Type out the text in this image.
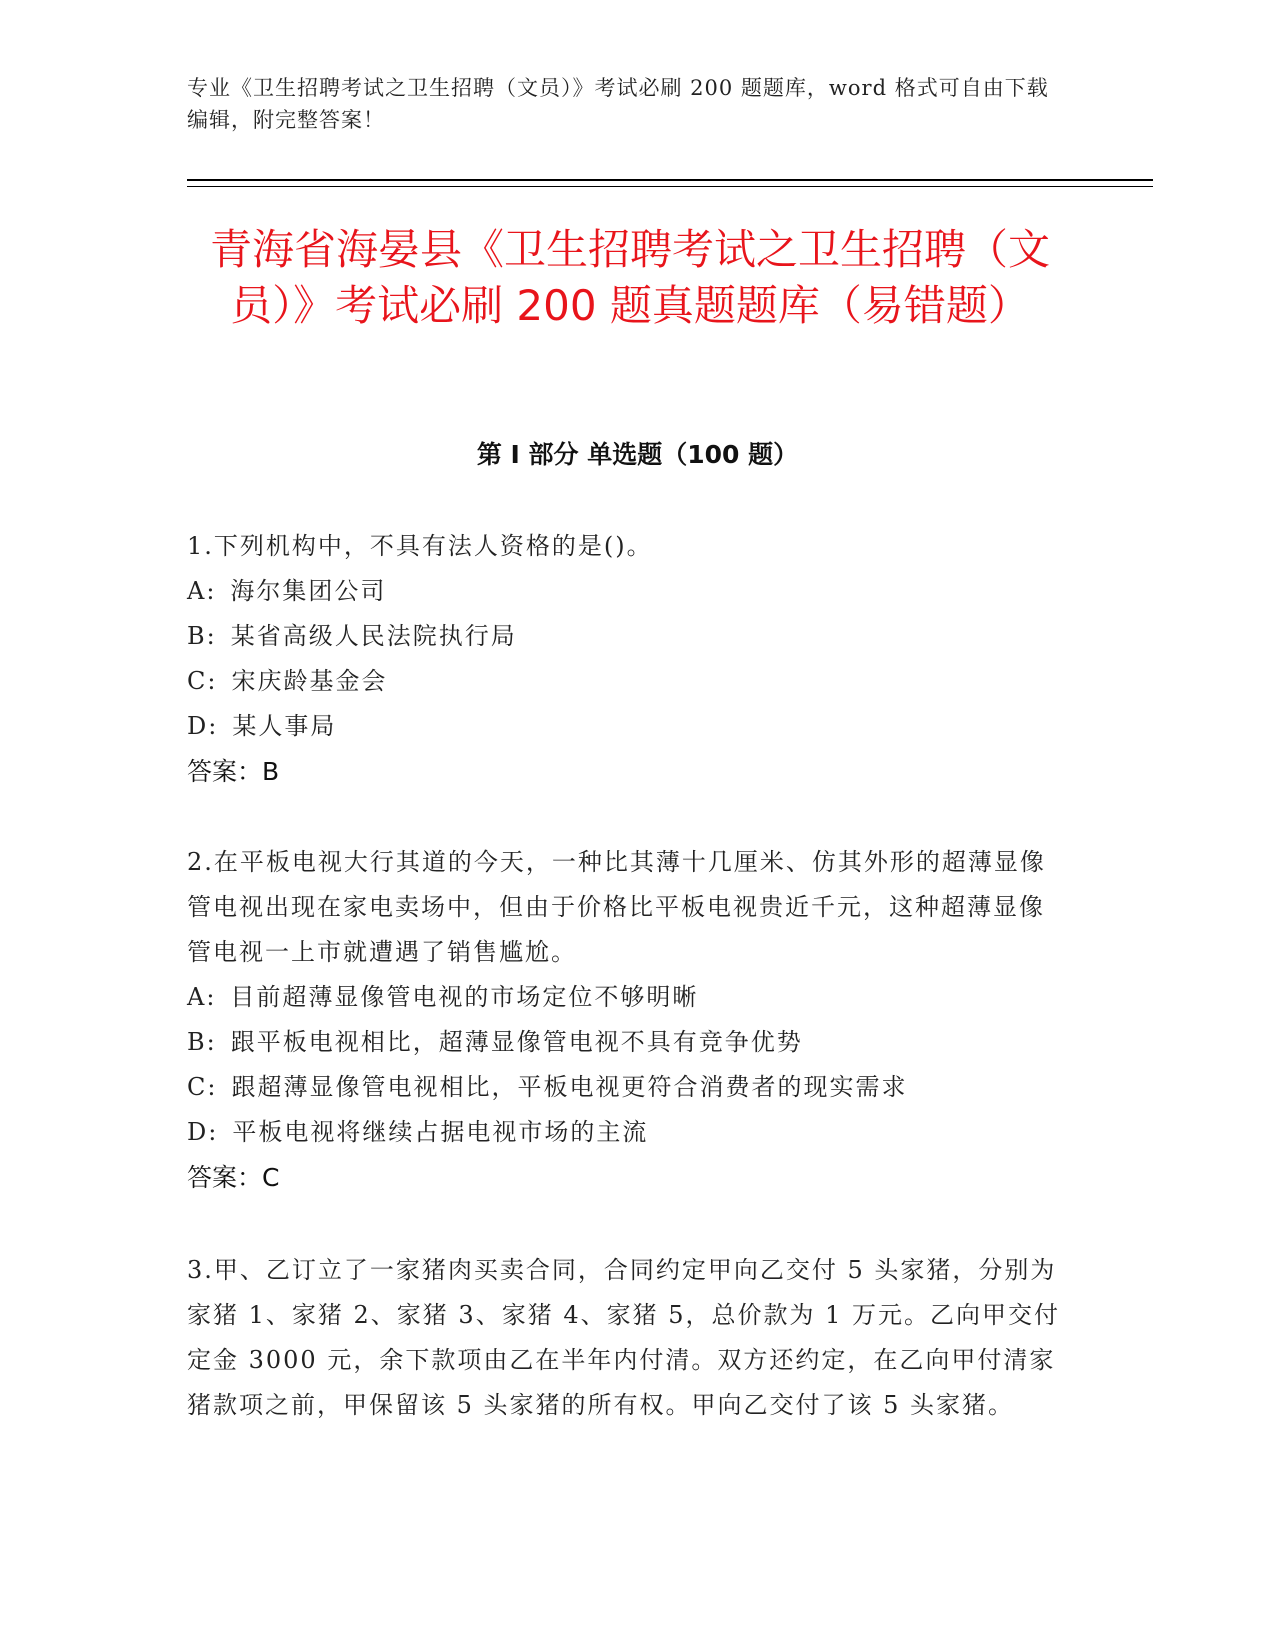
专业《卫生招聘考试之卫生招聘（文员）》考试必刷 200 题题库，word 格式可自由下载编辑，附完整答案！
青海省海晏县《卫生招聘考试之卫生招聘（文员）》考试必刷 200 题真题题库（易错题）
第 I 部分 单选题（100 题）

1.下列机构中，不具有法人资格的是()。

A: 海尔集团公司

B: 某省高级人民法院执行局

C: 宋庆龄基金会

D: 某人事局

答案：B

2.在平板电视大行其道的今天，一种比其薄十几厘米、仿其外形的超薄显像管电视出现在家电卖场中，但由于价格比平板电视贵近千元，这种超薄显像管电视一上市就遭遇了销售尴尬。

A: 目前超薄显像管电视的市场定位不够明晰

B: 跟平板电视相比，超薄显像管电视不具有竞争优势

C: 跟超薄显像管电视相比，平板电视更符合消费者的现实需求

D: 平板电视将继续占据电视市场的主流

答案：C

3.甲、乙订立了一家猪肉买卖合同，合同约定甲向乙交付 5 头家猪，分别为家猪 1、家猪 2、家猪 3、家猪 4、家猪 5，总价款为 1 万元。乙向甲交付定金 3000 元，余下款项由乙在半年内付清。双方还约定，在乙向甲付清家猪款项之前，甲保留该 5 头家猪的所有权。甲向乙交付了该 5 头家猪。
